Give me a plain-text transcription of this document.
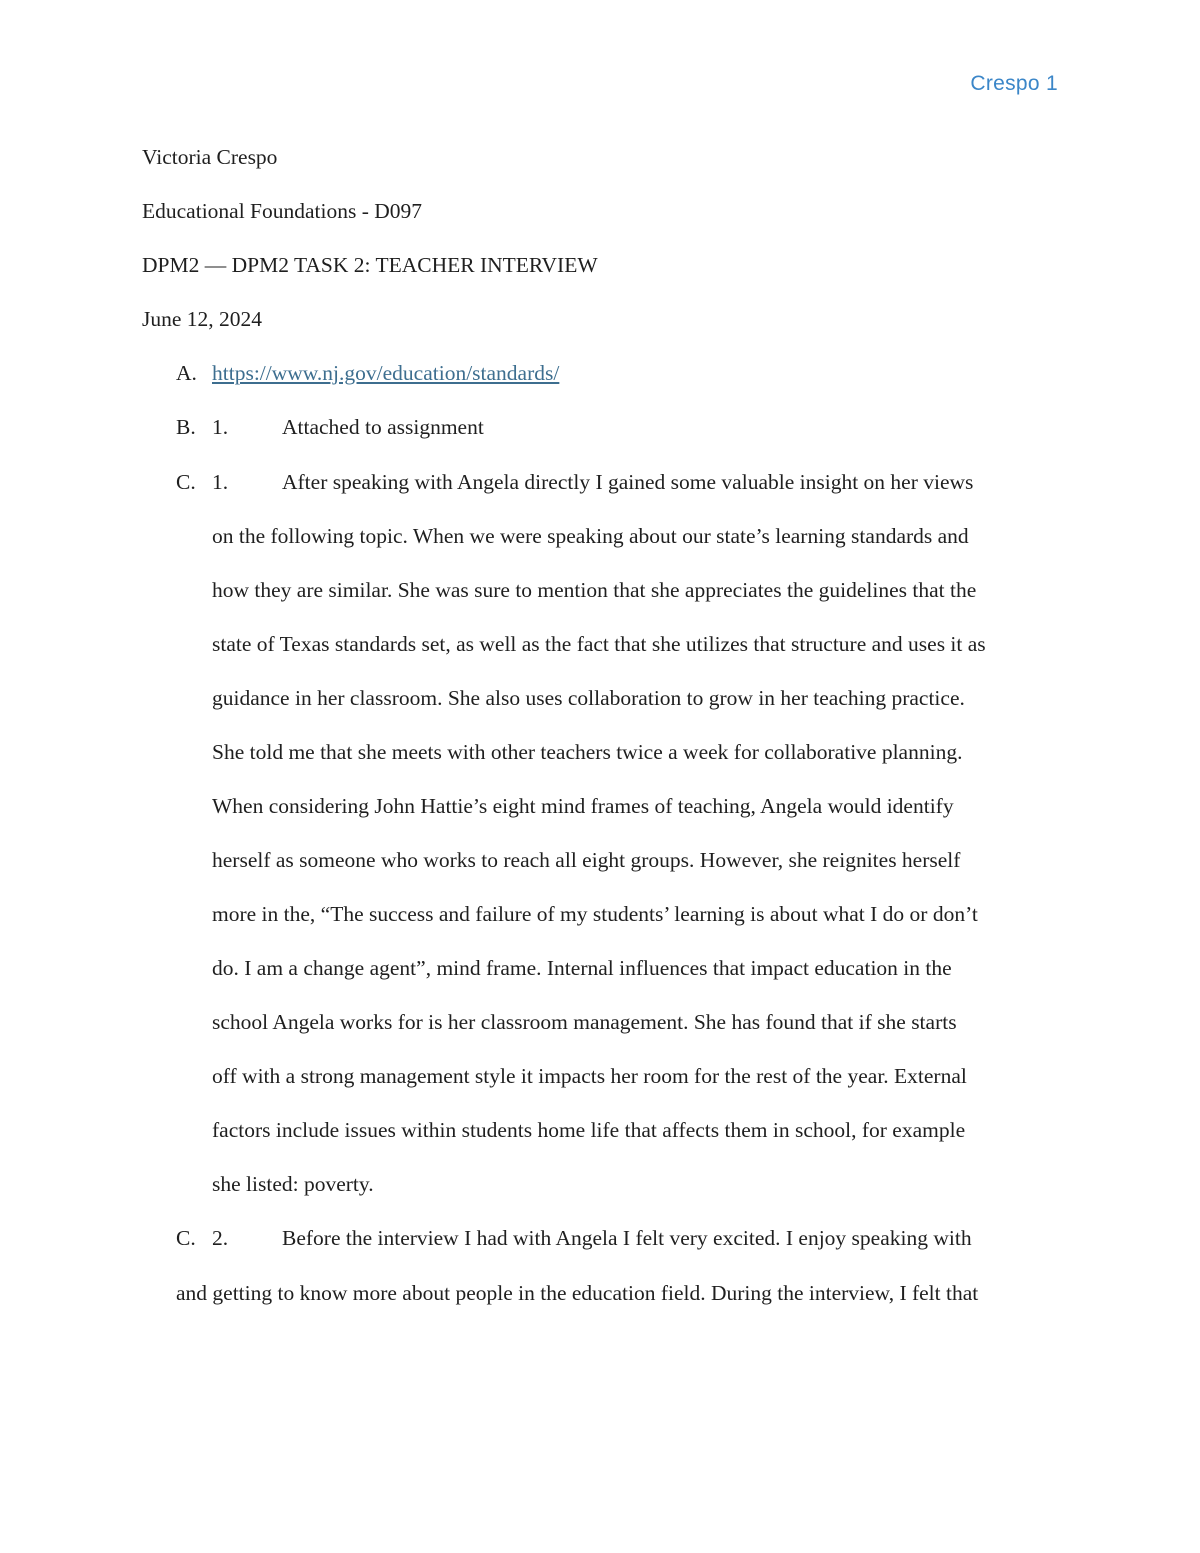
Crespo 1
Victoria Crespo
Educational Foundations - D097
DPM2 — DPM2 TASK 2: TEACHER INTERVIEW
June 12, 2024
A. https://www.nj.gov/education/standards/
B. 1.	Attached to assignment
C. 1.	After speaking with Angela directly I gained some valuable insight on her views
on the following topic. When we were speaking about our state’s learning standards and
how they are similar. She was sure to mention that she appreciates the guidelines that the
state of Texas standards set, as well as the fact that she utilizes that structure and uses it as
guidance in her classroom. She also uses collaboration to grow in her teaching practice.
She told me that she meets with other teachers twice a week for collaborative planning.
When considering John Hattie’s eight mind frames of teaching, Angela would identify
herself as someone who works to reach all eight groups. However, she reignites herself
more in the, “The success and failure of my students’ learning is about what I do or don’t
do. I am a change agent”, mind frame. Internal influences that impact education in the
school Angela works for is her classroom management. She has found that if she starts
off with a strong management style it impacts her room for the rest of the year. External
factors include issues within students home life that affects them in school, for example
she listed: poverty.
C. 2.	Before the interview I had with Angela I felt very excited. I enjoy speaking with
and getting to know more about people in the education field. During the interview, I felt that
